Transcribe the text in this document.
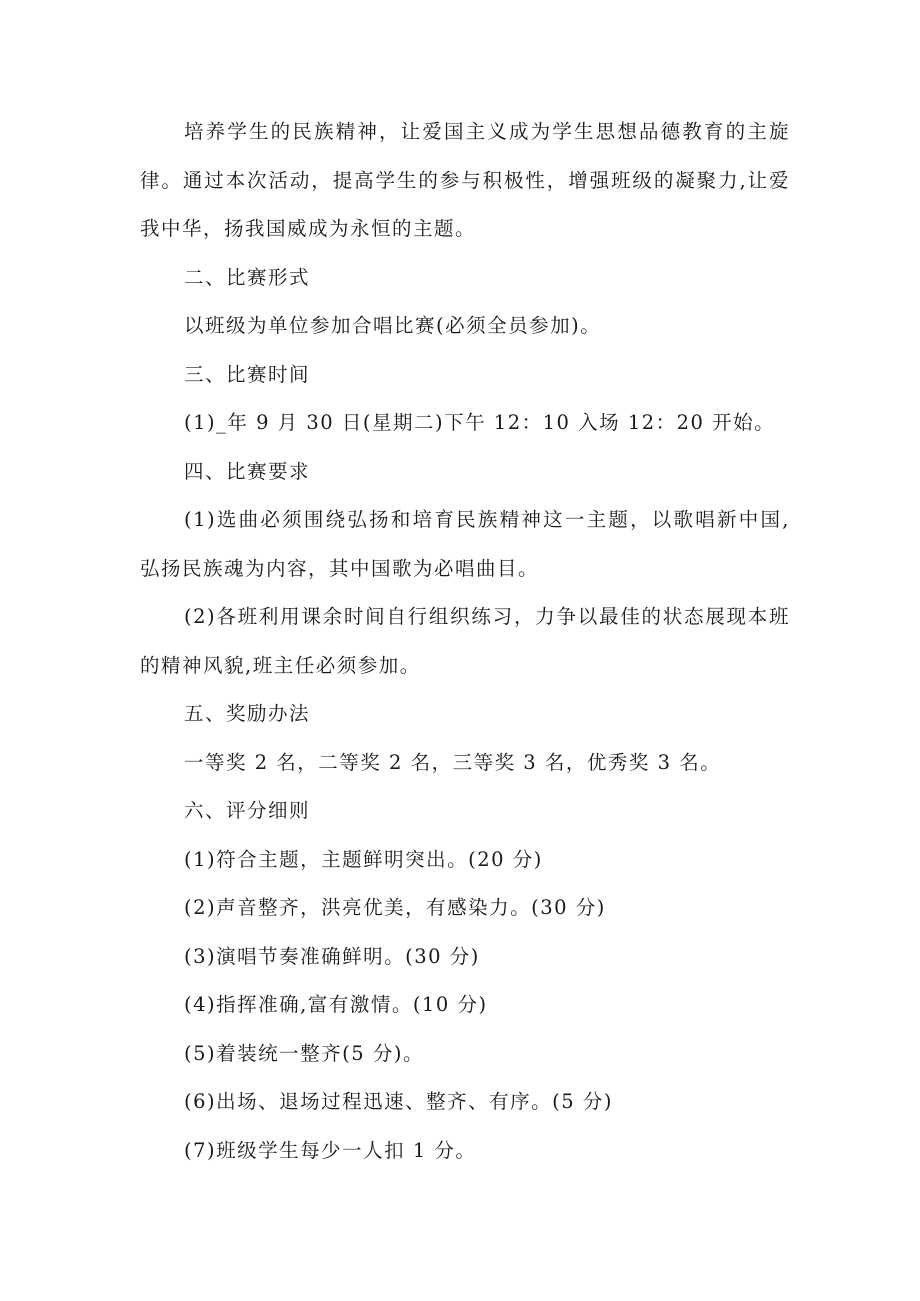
培养学生的民族精神，让爱国主义成为学生思想品德教育的主旋律。通过本次活动，提高学生的参与积极性，增强班级的凝聚力,让爱我中华，扬我国威成为永恒的主题。

二、比赛形式

以班级为单位参加合唱比赛(必须全员参加)。

三、比赛时间

(1)_年 9 月 30 日(星期二)下午 12：10 入场 12：20 开始。

四、比赛要求

(1)选曲必须围绕弘扬和培育民族精神这一主题，以歌唱新中国,弘扬民族魂为内容，其中国歌为必唱曲目。

(2)各班利用课余时间自行组织练习，力争以最佳的状态展现本班的精神风貌,班主任必须参加。

五、奖励办法

一等奖 2 名，二等奖 2 名，三等奖 3 名，优秀奖 3 名。

六、评分细则

(1)符合主题，主题鲜明突出。(20 分)

(2)声音整齐，洪亮优美，有感染力。(30 分)

(3)演唱节奏准确鲜明。(30 分)

(4)指挥准确,富有激情。(10 分)

(5)着装统一整齐(5 分)。

(6)出场、退场过程迅速、整齐、有序。(5 分)

(7)班级学生每少一人扣 1 分。
